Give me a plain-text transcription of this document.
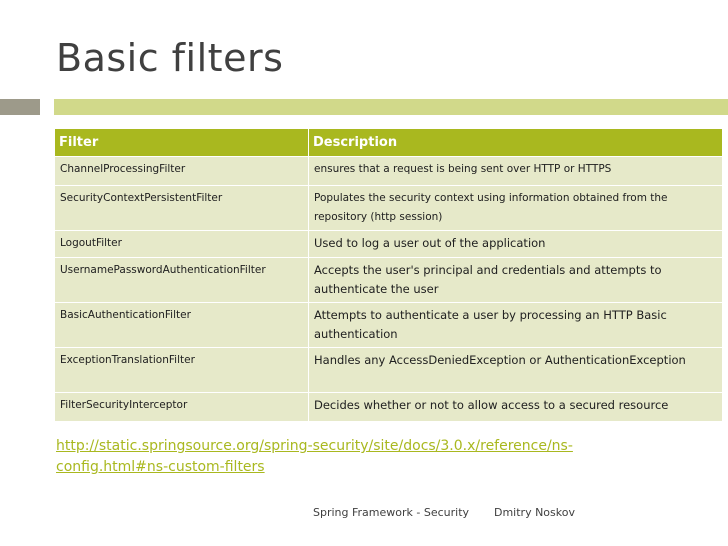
Basic filters
Filter	Description
ChannelProcessingFilter	ensures that a request is being sent over HTTP or HTTPS
SecurityContextPersistentFilter	Populates the security context using information obtained from the repository (http session)
LogoutFilter	Used to log a user out of the application
UsernamePasswordAuthenticationFilter	Accepts the user's principal and credentials and attempts to authenticate the user
BasicAuthenticationFilter	Attempts to authenticate a user by processing an HTTP Basic authentication
ExceptionTranslationFilter	Handles any AccessDeniedException or AuthenticationException
FilterSecurityInterceptor	Decides whether or not to allow access to a secured resource
http://static.springsource.org/spring-security/site/docs/3.0.x/reference/ns-config.html#ns-custom-filters
Spring Framework - Security Dmitry Noskov
